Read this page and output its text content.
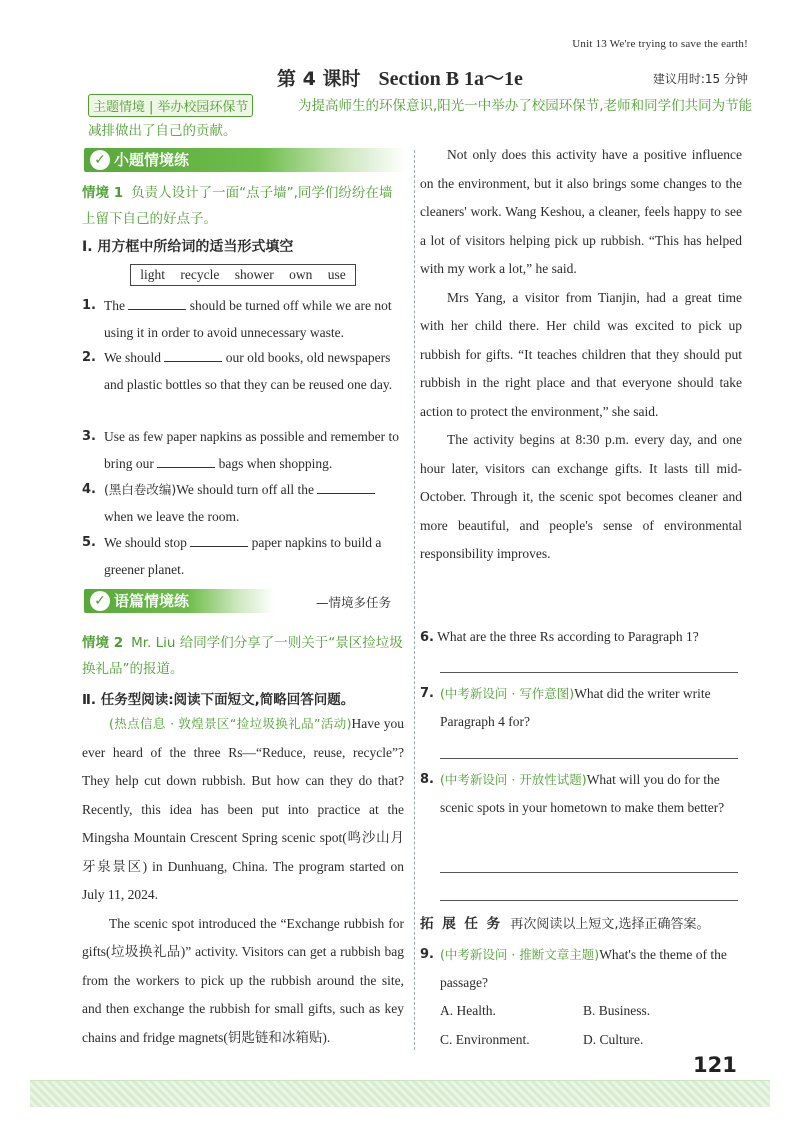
Unit 13 We're trying to save the earth!
第 4 课时 Section B 1a～1e	建议用时:15 分钟
为提高师生的环保意识,阳光一中举办了校园环保节,老师和同学们共同为节能减排做出了自己的贡献。
主题情境 | 举办校园环保节
✓ 小题情境练
情境 1 负责人设计了一面“点子墙”,同学们纷纷在墙上留下自己的好点子。
Ⅰ. 用方框中所给词的适当形式填空
light recycle shower own use
1. The	should be turned off while we are not using it in order to avoid unnecessary waste.
2. We should	our old books, old newspapers and plastic bottles so that they can be reused one day.
3. Use as few paper napkins as possible and remember to bring our	bags when shopping.
4. (黑白卷改编)We should turn off all the  when we leave the room.
5. We should stop	paper napkins to build a greener planet.
✓ 语篇情境练	—情境多任务
情境 2 Mr. Liu 给同学们分享了一则关于“景区捡垃圾换礼品”的报道。
Ⅱ. 任务型阅读:阅读下面短文,简略回答问题。

(热点信息 · 敦煌景区“捡垃圾换礼品”活动)Have you ever heard of the three Rs—“Reduce, reuse, recycle”? They help cut down rubbish. But how can they do that? Recently, this idea has been put into practice at the Mingsha Mountain Crescent Spring scenic spot(鸣沙山月牙泉景区) in Dunhuang, China. The program started on July 11, 2024.

The scenic spot introduced the “Exchange rubbish for gifts(垃圾换礼品)” activity. Visitors can get a rubbish bag from the workers to pick up the rubbish around the site, and then exchange the rubbish for small gifts, such as key chains and fridge magnets(钥匙链和冰箱贴).

Not only does this activity have a positive influence on the environment, but it also brings some changes to the cleaners' work. Wang Keshou, a cleaner, feels happy to see a lot of visitors helping pick up rubbish. “This has helped with my work a lot,” he said.

Mrs Yang, a visitor from Tianjin, had a great time with her child there. Her child was excited to pick up rubbish for gifts. “It teaches children that they should put rubbish in the right place and that everyone should take action to protect the environment,” she said.

The activity begins at 8:30 p.m. every day, and one hour later, visitors can exchange gifts. It lasts till mid-October. Through it, the scenic spot becomes cleaner and more beautiful, and people's sense of environmental responsibility improves.

6. What are the three Rs according to Paragraph 1?
7. (中考新设问 · 写作意图)What did the writer write Paragraph 4 for?
8. (中考新设问 · 开放性试题)What will you do for the scenic spots in your hometown to make them better?
拓 展 任 务 再次阅读以上短文,选择正确答案。
9. (中考新设问 · 推断文章主题)What's the theme of the passage?
A. Health.	B. Business.
C. Environment.	D. Culture.
121
